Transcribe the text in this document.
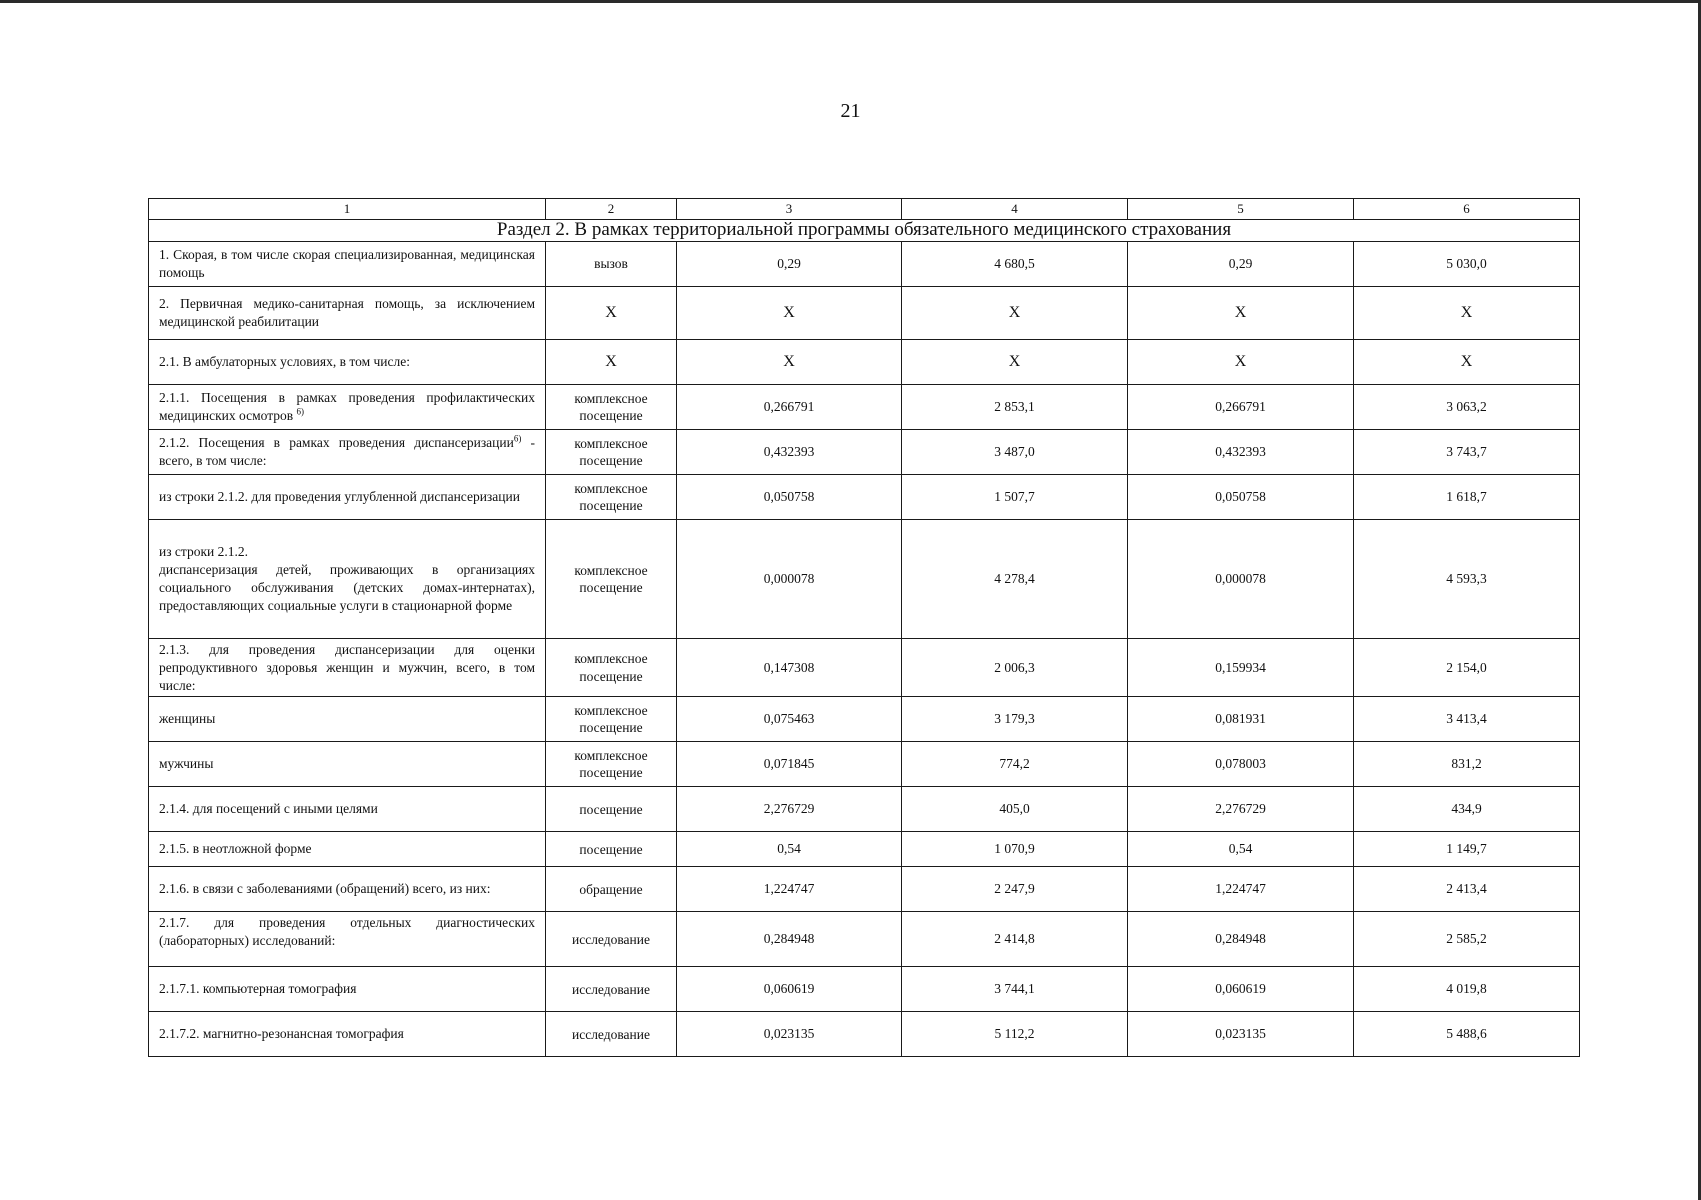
21
1	2	3	4	5	6
Раздел 2. В рамках территориальной программы обязательного медицинского страхования					
1. Скорая, в том числе скорая специализированная, медицинская помощь	вызов	0,29	4 680,5	0,29	5 030,0
2. Первичная медико-санитарная помощь, за исключением медицинской реабилитации	Х	Х	Х	Х	Х
2.1. В амбулаторных условиях, в том числе:	Х	Х	Х	Х	Х
2.1.1. Посещения в рамках проведения профилактических медицинских осмотров $^{6)}$	комплексное посещение	0,266791	2 853,1	0,266791	3 063,2
2.1.2. Посещения в рамках проведения диспансеризации$^{6)}$ - всего, в том числе:	комплексное посещение	0,432393	3 487,0	0,432393	3 743,7
из строки 2.1.2. для проведения углубленной диспансеризации	комплексное посещение	0,050758	1 507,7	0,050758	1 618,7

из строки 2.1.2.
диспансеризация детей, проживающих в организациях социального обслуживания (детских домах-интернатах), предоставляющих социальные услуги в стационарной форме	комплексное посещение	0,000078	4 278,4	0,000078	4 593,3
2.1.3. для проведения диспансеризации для оценки репродуктивного здоровья женщин и мужчин, всего, в том числе:	комплексное посещение	0,147308	2 006,3	0,159934	2 154,0
женщины	комплексное посещение	0,075463	3 179,3	0,081931	3 413,4
мужчины	комплексное посещение	0,071845	774,2	0,078003	831,2
2.1.4. для посещений с иными целями	посещение	2,276729	405,0	2,276729	434,9
2.1.5. в неотложной форме	посещение	0,54	1 070,9	0,54	1 149,7
2.1.6. в связи с заболеваниями (обращений) всего, из них:	обращение	1,224747	2 247,9	1,224747	2 413,4
2.1.7. для проведения отдельных диагностических (лабораторных) исследований:	исследование	0,284948	2 414,8	0,284948	2 585,2
2.1.7.1. компьютерная томография	исследование	0,060619	3 744,1	0,060619	4 019,8
2.1.7.2. магнитно-резонансная томография	исследование	0,023135	5 112,2	0,023135	5 488,6
